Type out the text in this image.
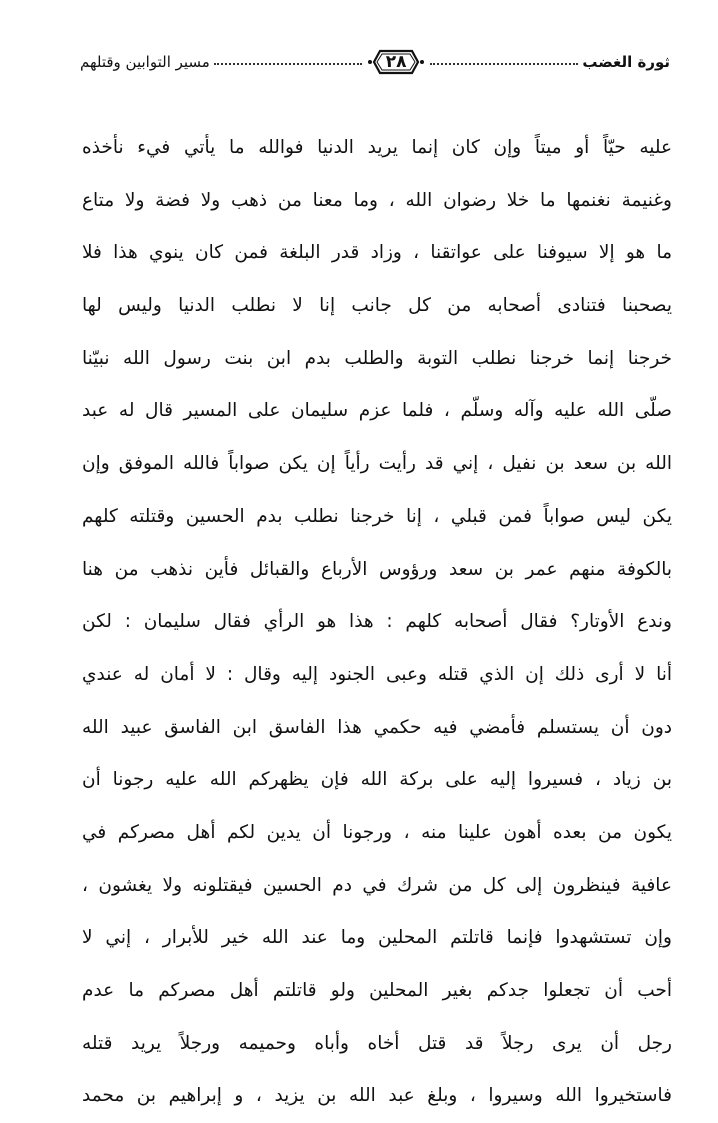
ثورة الغضب
٢٨
مسير التوابين وقتلهم
عليه حيّاً أو ميتاً وإن كان إنما يريد الدنيا فوالله ما يأتي فيء نأخذه
وغنيمة نغنمها ما خلا رضوان الله ، وما معنا من ذهب ولا فضة ولا متاع
ما هو إلا سيوفنا على عواتقنا ، وزاد قدر البلغة فمن كان ينوي هذا فلا
يصحبنا فتنادى أصحابه من كل جانب إنا لا نطلب الدنيا وليس لها
خرجنا إنما خرجنا نطلب التوبة والطلب بدم ابن بنت رسول الله نبيّنا
صلّى الله عليه وآله وسلّم ، فلما عزم سليمان على المسير قال له عبد
الله بن سعد بن نفيل ، إني قد رأيت رأياً إن يكن صواباً فالله الموفق وإن
يكن ليس صواباً فمن قبلي ، إنا خرجنا نطلب بدم الحسين وقتلته كلهم
بالكوفة منهم عمر بن سعد ورؤوس الأرباع والقبائل فأين نذهب من هنا
وندع الأوتار؟ فقال أصحابه كلهم : هذا هو الرأي فقال سليمان : لكن
أنا لا أرى ذلك إن الذي قتله وعبى الجنود إليه وقال : لا أمان له عندي
دون أن يستسلم فأمضي فيه حكمي هذا الفاسق ابن الفاسق عبيد الله
بن زياد ، فسيروا إليه على بركة الله فإن يظهركم الله عليه رجونا أن
يكون من بعده أهون علينا منه ، ورجونا أن يدين لكم أهل مصركم في
عافية فينظرون إلى كل من شرك في دم الحسين فيقتلونه ولا يغشون ،
وإن تستشهدوا فإنما قاتلتم المحلين وما عند الله خير للأبرار ، إني لا
أحب أن تجعلوا جدكم بغير المحلين ولو قاتلتم أهل مصركم ما عدم
رجل أن يرى رجلاً قد قتل أخاه وأباه وحميمه ورجلاً يريد قتله
فاستخيروا الله وسيروا ، وبلغ عبد الله بن يزيد ، و إبراهيم بن محمد
